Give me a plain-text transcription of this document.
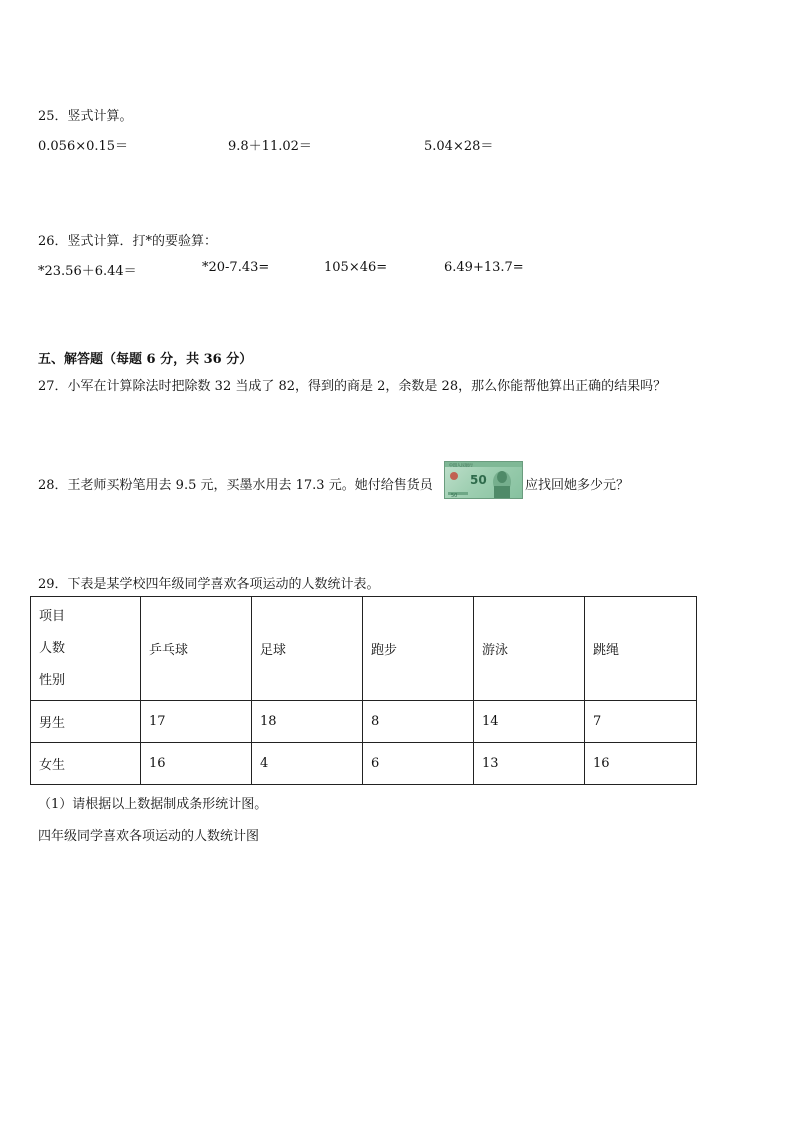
25．竖式计算。
0.056×0.15＝	9.8＋11.02＝	5.04×28＝
26．竖式计算．打*的要验算：
*23.56＋6.44＝	*20-7.43=	105×46=	6.49+13.7=
五、解答题（每题 6 分，共 36 分）
27．小军在计算除法时把除数 32 当成了 82，得到的商是 2，余数是 28，那么你能帮他算出正确的结果吗？
28．王老师买粉笔用去 9.5 元，买墨水用去 17.3 元。她付给售货员
中国人民银行
50
50
应找回她多少元？
29．下表是某学校四年级同学喜欢各项运动的人数统计表。
项目
人数
性别	乒乓球	足球	跑步	游泳	跳绳
男生	17	18	8	14	7
女生	16	4	6	13	16
（1）请根据以上数据制成条形统计图。
四年级同学喜欢各项运动的人数统计图
